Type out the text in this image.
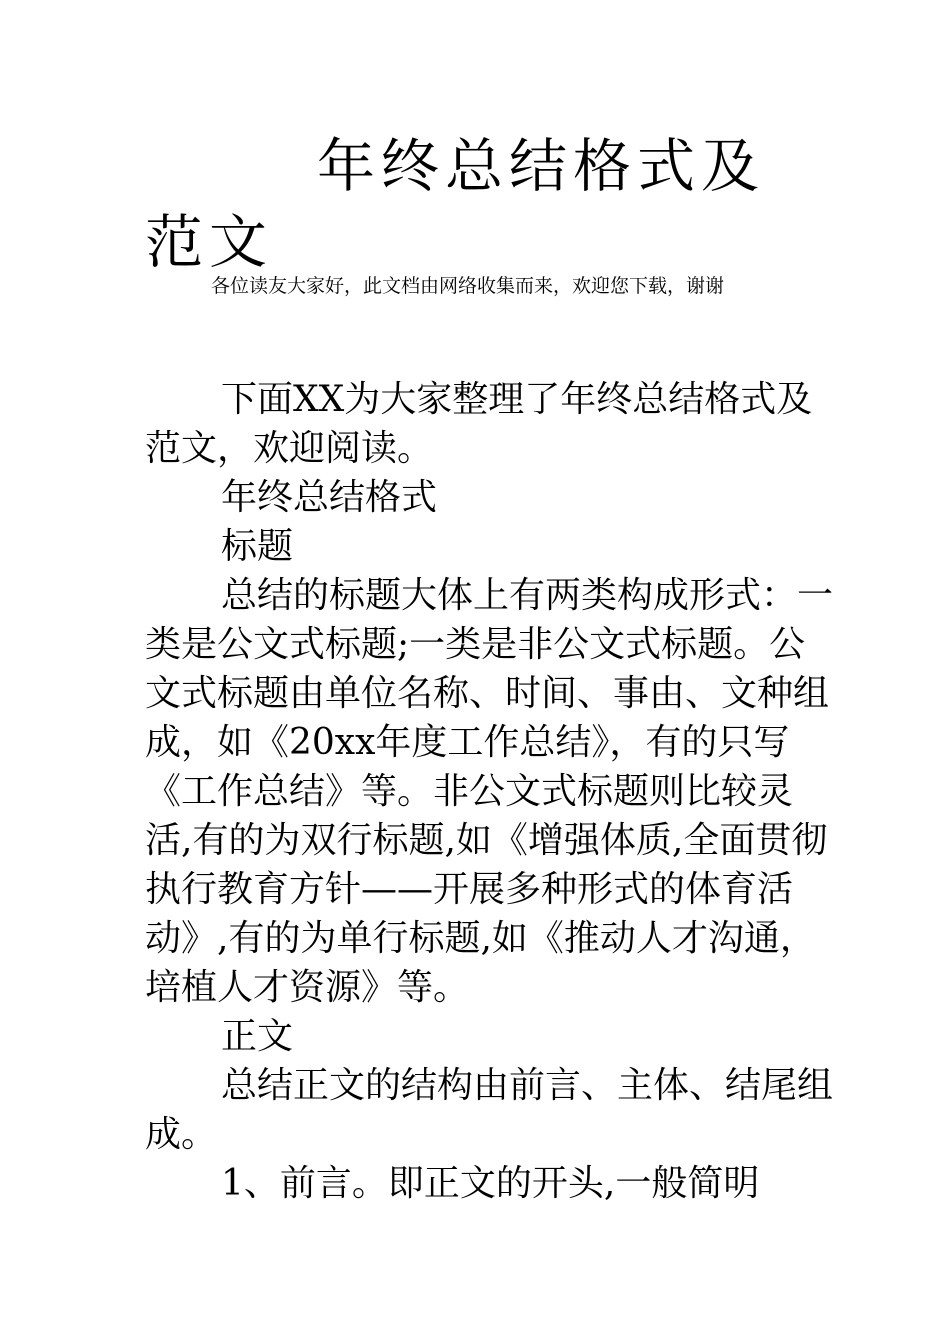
年终总结格式及范文

各位读友大家好，此文档由网络收集而来，欢迎您下载，谢谢

下面XX为大家整理了年终总结格式及范文，欢迎阅读。

年终总结格式

标题

总结的标题大体上有两类构成形式：一类是公文式标题;一类是非公文式标题。公文式标题由单位名称、时间、事由、文种组成，如《20xx年度工作总结》，有的只写《工作总结》等。非公文式标题则比较灵活,有的为双行标题,如《增强体质,全面贯彻执行教育方针——开展多种形式的体育活动》,有的为单行标题,如《推动人才沟通，培植人才资源》等。

正文

总结正文的结构由前言、主体、结尾组成。

1、前言。即正文的开头,一般简明
